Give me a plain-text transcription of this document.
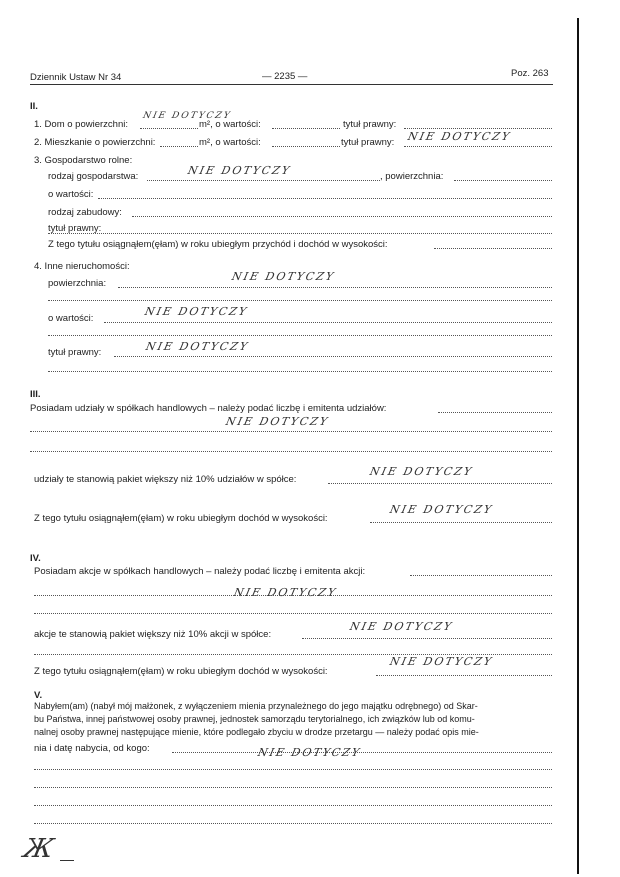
Dziennik Ustaw Nr 34	— 2235 —	Poz. 263
II.
1. Dom o powierzchni:
NIE DOTYCZY
m², o wartości:	tytuł prawny:
2. Mieszkanie o powierzchni:	m², o wartości:	tytuł prawny: NIE DOTYCZY
3. Gospodarstwo rolne:
rodzaj gospodarstwa:	NIE DOTYCZY	, powierzchnia:
o wartości:
rodzaj zabudowy:
tytuł prawny:
Z tego tytułu osiągnąłem(ęłam) w roku ubiegłym przychód i dochód w wysokości:
4. Inne nieruchomości:
powierzchnia:
NIE DOTYCZY
o wartości:
NIE DOTYCZY
tytuł prawny:	NIE DOTYCZY
III.
Posiadam udziały w spółkach handlowych – należy podać liczbę i emitenta udziałów:
NIE DOTYCZY
udziały te stanowią pakiet większy niż 10% udziałów w spółce:
NIE DOTYCZY
Z tego tytułu osiągnąłem(ęłam) w roku ubiegłym dochód w wysokości:
NIE DOTYCZY
IV.
Posiadam akcje w spółkach handlowych – należy podać liczbę i emitenta akcji:
NIE DOTYCZY
akcje te stanowią pakiet większy niż 10% akcji w spółce:
NIE DOTYCZY
Z tego tytułu osiągnąłem(ęłam) w roku ubiegłym dochód w wysokości:
NIE DOTYCZY
V.
Nabyłem(am) (nabył mój małżonek, z wyłączeniem mienia przynależnego do jego majątku odrębnego) od Skar-
bu Państwa, innej państwowej osoby prawnej, jednostek samorządu terytorialnego, ich związków lub od komu-
nalnej osoby prawnej następujące mienie, które podlegało zbyciu w drodze przetargu — należy podać opis mie-
nia i datę nabycia, od kogo:	NIE DOTYCZY
Ж
